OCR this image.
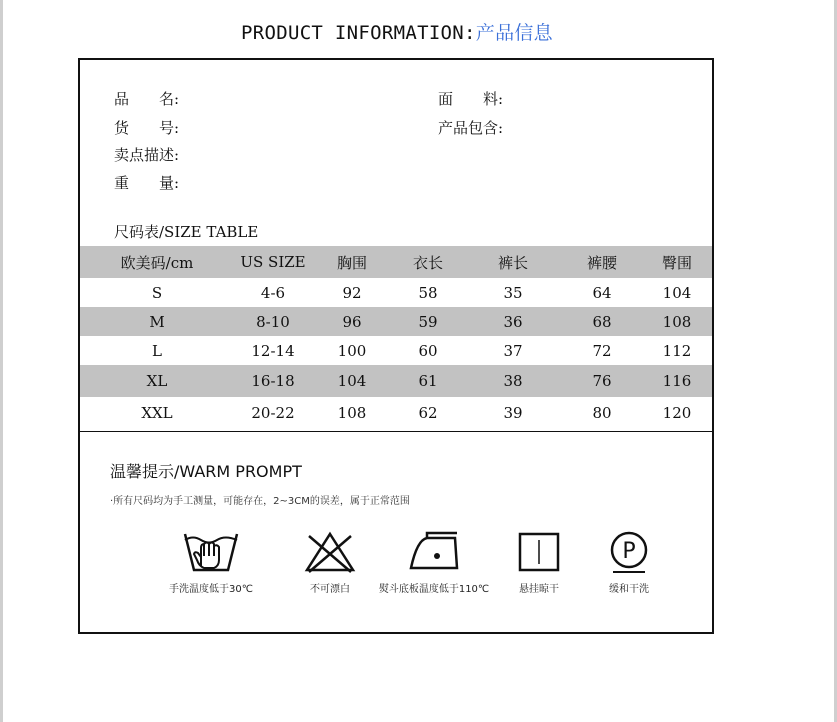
PRODUCT INFORMATION:产品信息
品　　名:	面　　料:
货　　号:	产品包含:
卖点描述:
重　　量:
尺码表/SIZE TABLE
欧美码/cm	US SIZE	胸围	衣长	裤长	裤腰	臀围
S	4-6	92	58	35	64	104
M	8-10	96	59	36	68	108
L	12-14	100	60	37	72	112
XL	16-18	104	61	38	76	116
XXL	20-22	108	62	39	80	120
温馨提示/WARM PROMPT
·所有尺码均为手工测量，可能存在，2~3CM的误差，属于正常范围
手洗温度低于30℃	不可漂白	熨斗底板温度低于110℃	悬挂晾干
P
缓和干洗
